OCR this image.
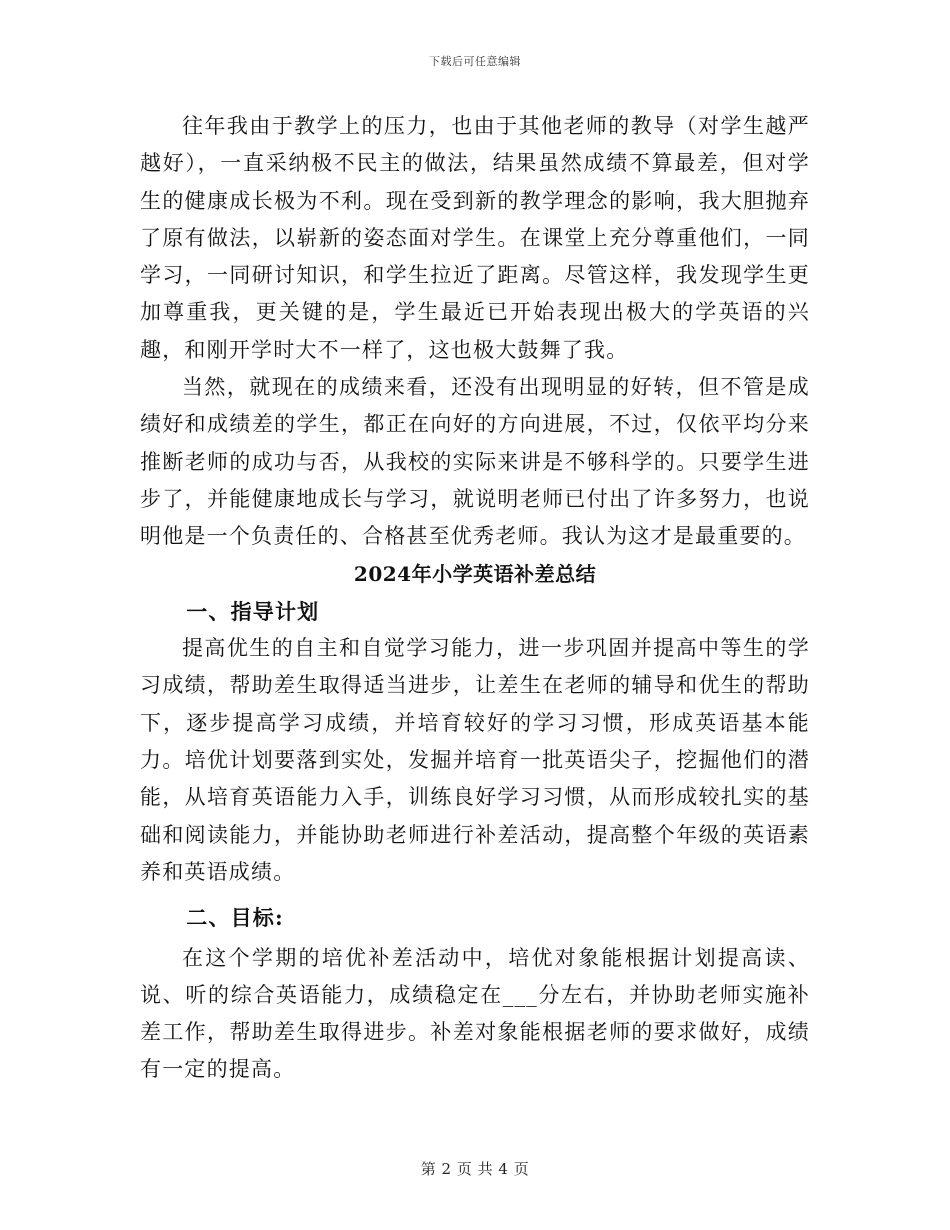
下载后可任意编辑

往年我由于教学上的压力，也由于其他老师的教导（对学生越严越好），一直采纳极不民主的做法，结果虽然成绩不算最差，但对学生的健康成长极为不利。现在受到新的教学理念的影响，我大胆抛弃了原有做法，以崭新的姿态面对学生。在课堂上充分尊重他们，一同学习，一同研讨知识，和学生拉近了距离。尽管这样，我发现学生更加尊重我，更关键的是，学生最近已开始表现出极大的学英语的兴趣，和刚开学时大不一样了，这也极大鼓舞了我。

当然，就现在的成绩来看，还没有出现明显的好转，但不管是成绩好和成绩差的学生，都正在向好的方向进展，不过，仅依平均分来推断老师的成功与否，从我校的实际来讲是不够科学的。只要学生进步了，并能健康地成长与学习，就说明老师已付出了许多努力，也说明他是一个负责任的、合格甚至优秀老师。我认为这才是最重要的。

2024年小学英语补差总结

一、指导计划

提高优生的自主和自觉学习能力，进一步巩固并提高中等生的学习成绩，帮助差生取得适当进步，让差生在老师的辅导和优生的帮助下，逐步提高学习成绩，并培育较好的学习习惯，形成英语基本能力。培优计划要落到实处，发掘并培育一批英语尖子，挖掘他们的潜能，从培育英语能力入手，训练良好学习习惯，从而形成较扎实的基础和阅读能力，并能协助老师进行补差活动，提高整个年级的英语素养和英语成绩。

二、目标:

在这个学期的培优补差活动中，培优对象能根据计划提高读、说、听的综合英语能力，成绩稳定在___分左右，并协助老师实施补差工作，帮助差生取得进步。补差对象能根据老师的要求做好，成绩有一定的提高。

第 2 页 共 4 页
